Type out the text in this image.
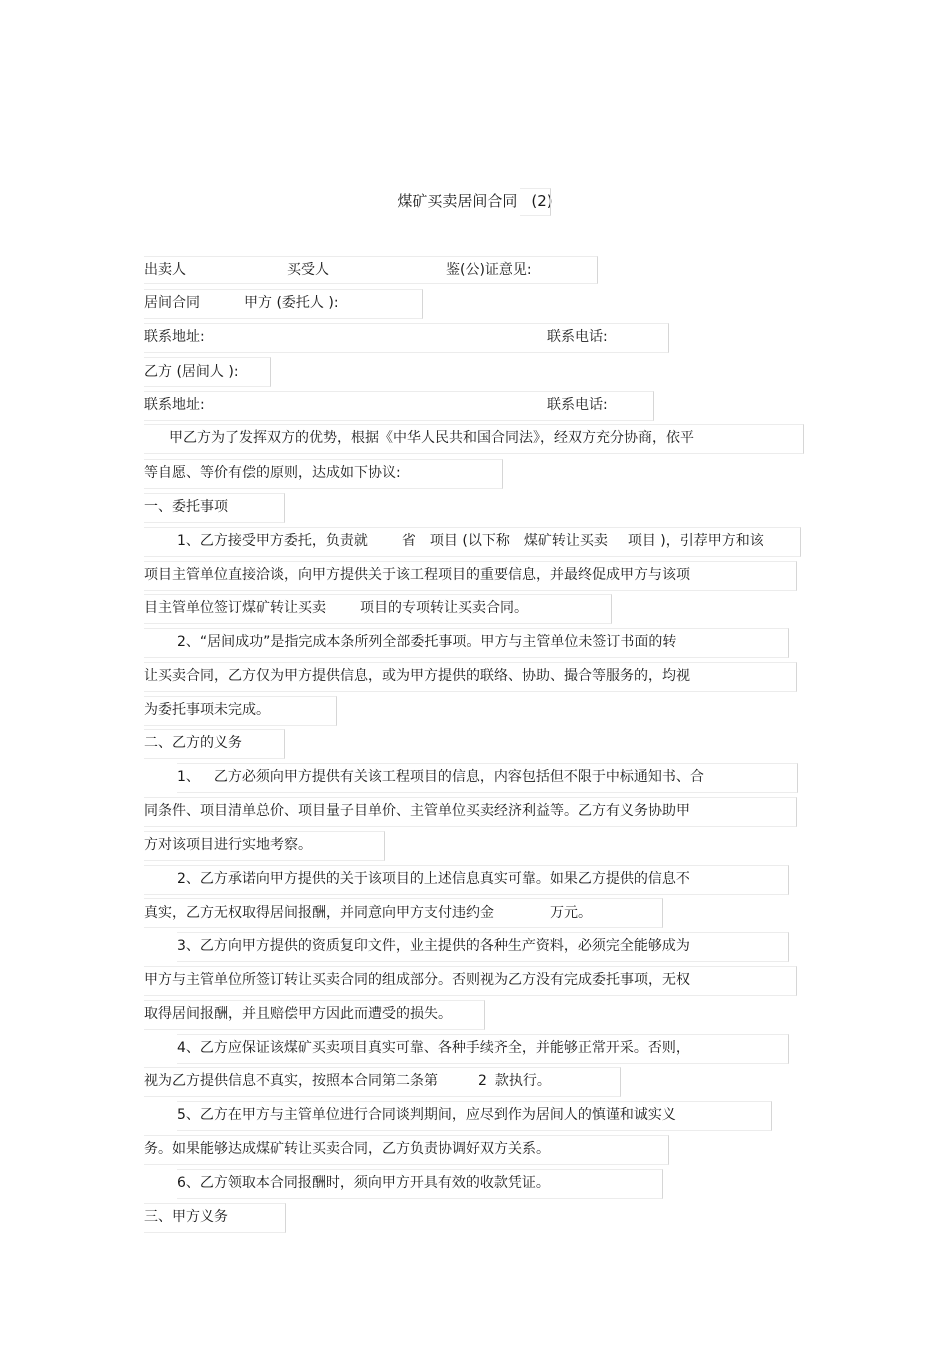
煤矿买卖居间合同 (2)
出卖人	买受人	鉴(公)证意见:
居间合同	甲方 (委托人 ):
联系地址:	联系电话:
乙方 (居间人 ):
联系地址:	联系电话:
甲乙方为了发挥双方的优势，根据《中华人民共和国合同法》，经双方充分协商，依平
等自愿、等价有偿的原则，达成如下协议:
一、委托事项
1、乙方接受甲方委托，负责就 省 项目 (以下称 煤矿转让买卖 项目 )，引荐甲方和该
项目主管单位直接洽谈，向甲方提供关于该工程项目的重要信息，并最终促成甲方与该项
目主管单位签订煤矿转让买卖 项目的专项转让买卖合同。
2、“居间成功”是指完成本条所列全部委托事项。甲方与主管单位未签订书面的转
让买卖合同，乙方仅为甲方提供信息，或为甲方提供的联络、协助、撮合等服务的，均视
为委托事项未完成。
二、乙方的义务
1、 乙方必须向甲方提供有关该工程项目的信息，内容包括但不限于中标通知书、合
同条件、项目清单总价、项目量子目单价、主管单位买卖经济利益等。乙方有义务协助甲
方对该项目进行实地考察。
2、乙方承诺向甲方提供的关于该项目的上述信息真实可靠。如果乙方提供的信息不
真实，乙方无权取得居间报酬，并同意向甲方支付违约金	万元。
3、乙方向甲方提供的资质复印文件，业主提供的各种生产资料，必须完全能够成为
甲方与主管单位所签订转让买卖合同的组成部分。否则视为乙方没有完成委托事项，无权
取得居间报酬，并且赔偿甲方因此而遭受的损失。
4、乙方应保证该煤矿买卖项目真实可靠、各种手续齐全，并能够正常开采。否则，
视为乙方提供信息不真实，按照本合同第二条第	2 款执行。
5、乙方在甲方与主管单位进行合同谈判期间，应尽到作为居间人的慎谨和诚实义
务。如果能够达成煤矿转让买卖合同，乙方负责协调好双方关系。
6、乙方领取本合同报酬时，须向甲方开具有效的收款凭证。
三、甲方义务
